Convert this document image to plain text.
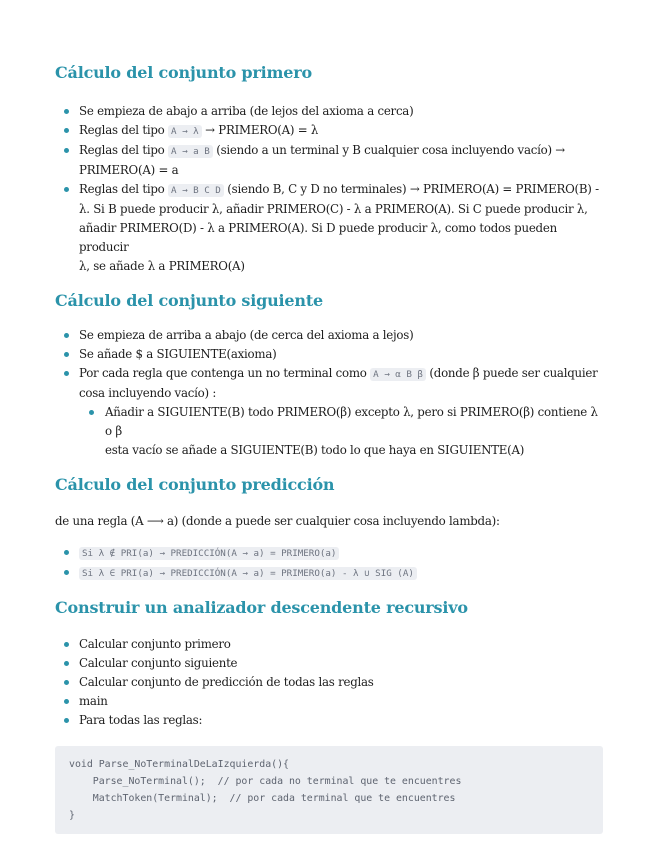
Cálculo del conjunto primero
Se empieza de abajo a arriba (de lejos del axioma a cerca)
Reglas del tipo A → λ → PRIMERO(A) = λ
Reglas del tipo A → a B (siendo a un terminal y B cualquier cosa incluyendo vacío) →
PRIMERO(A) = a
Reglas del tipo A → B C D (siendo B, C y D no terminales) → PRIMERO(A) = PRIMERO(B) -
λ. Si B puede producir λ, añadir PRIMERO(C) - λ a PRIMERO(A). Si C puede producir λ,
añadir PRIMERO(D) - λ a PRIMERO(A). Si D puede producir λ, como todos pueden producir
λ, se añade λ a PRIMERO(A)
Cálculo del conjunto siguiente
Se empieza de arriba a abajo (de cerca del axioma a lejos)
Se añade $ a SIGUIENTE(axioma)
Por cada regla que contenga un no terminal como A → α B β (donde β puede ser cualquier
cosa incluyendo vacío) :
Añadir a SIGUIENTE(B) todo PRIMERO(β) excepto λ, pero si PRIMERO(β) contiene λ o β
esta vacío se añade a SIGUIENTE(B) todo lo que haya en SIGUIENTE(A)
Cálculo del conjunto predicción

de una regla (A ⟶ a) (donde a puede ser cualquier cosa incluyendo lambda):

Si λ ∉ PRI(a) → PREDICCIÓN(A → a) = PRIMERO(a)
Si λ ∈ PRI(a) → PREDICCIÓN(A → a) = PRIMERO(a) - λ ∪ SIG (A)
Construir un analizador descendente recursivo
Calcular conjunto primero
Calcular conjunto siguiente
Calcular conjunto de predicción de todas las reglas
main
Para todas las reglas:
void Parse_NoTerminalDeLaIzquierda(){
Parse_NoTerminal();  // por cada no terminal que te encuentres
MatchToken(Terminal);  // por cada terminal que te encuentres
}
